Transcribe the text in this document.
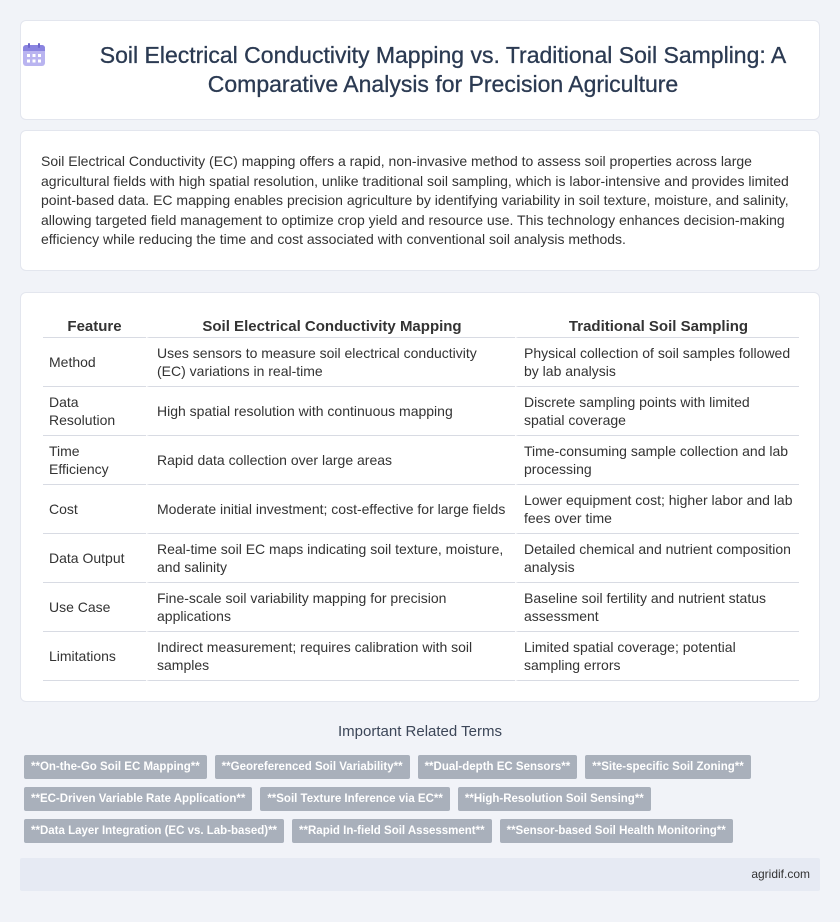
Soil Electrical Conductivity Mapping vs. Traditional Soil Sampling: A Comparative Analysis for Precision Agriculture

Soil Electrical Conductivity (EC) mapping offers a rapid, non-invasive method to assess soil properties across large agricultural fields with high spatial resolution, unlike traditional soil sampling, which is labor-intensive and provides limited point-based data. EC mapping enables precision agriculture by identifying variability in soil texture, moisture, and salinity, allowing targeted field management to optimize crop yield and resource use. This technology enhances decision-making efficiency while reducing the time and cost associated with conventional soil analysis methods.

Feature	Soil Electrical Conductivity Mapping	Traditional Soil Sampling
Method	Uses sensors to measure soil electrical conductivity (EC) variations in real-time	Physical collection of soil samples followed by lab analysis
Data Resolution	High spatial resolution with continuous mapping	Discrete sampling points with limited spatial coverage
Time Efficiency	Rapid data collection over large areas	Time-consuming sample collection and lab processing
Cost	Moderate initial investment; cost-effective for large fields	Lower equipment cost; higher labor and lab fees over time
Data Output	Real-time soil EC maps indicating soil texture, moisture, and salinity	Detailed chemical and nutrient composition analysis
Use Case	Fine-scale soil variability mapping for precision applications	Baseline soil fertility and nutrient status assessment
Limitations	Indirect measurement; requires calibration with soil samples	Limited spatial coverage; potential sampling errors
Important Related Terms
**On-the-Go Soil EC Mapping**	**Georeferenced Soil Variability**	**Dual-depth EC Sensors**	**Site-specific Soil Zoning**
**EC-Driven Variable Rate Application**	**Soil Texture Inference via EC**	**High-Resolution Soil Sensing**
**Data Layer Integration (EC vs. Lab-based)**	**Rapid In-field Soil Assessment**	**Sensor-based Soil Health Monitoring**
agridif.com
